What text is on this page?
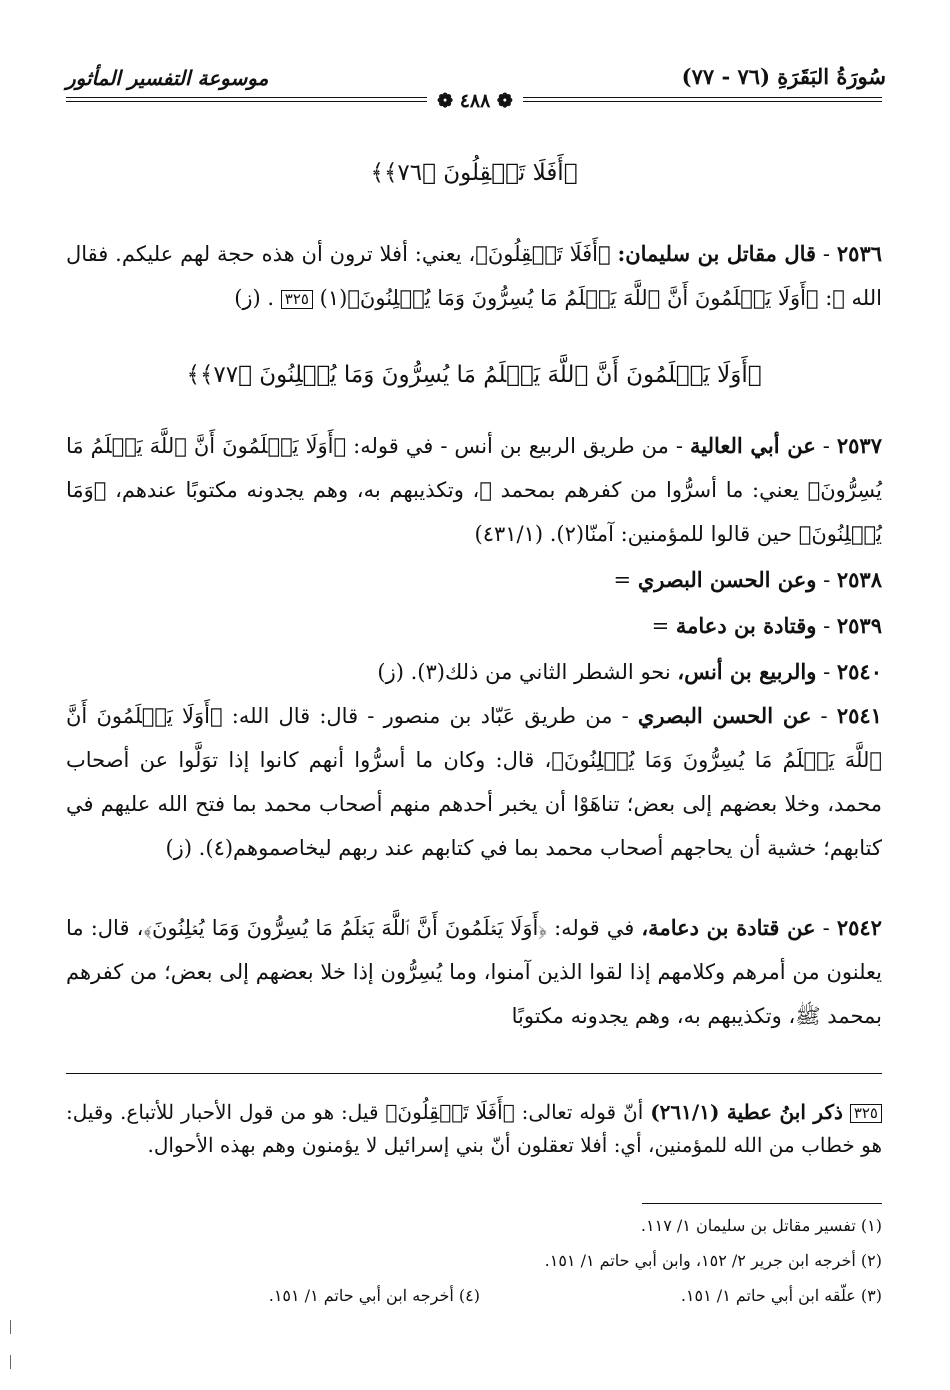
سُورَةُ البَقَرَةِ (٧٦ - ٧٧)
موسوعة التفسير المأثور
❁ ٤٨٨ ❁
﴿أَفَلَا تَعۡقِلُونَ ﴿٧٦﴾﴾
٢٥٣٦ - قال مقاتل بن سليمان: ﴿أَفَلَا تَعۡقِلُونَ﴾، يعني: أفلا ترون أن هذه حجة لهم عليكم. فقال الله ﷻ: ﴿أَوَلَا يَعۡلَمُونَ أَنَّ ٱللَّهَ يَعۡلَمُ مَا يُسِرُّونَ وَمَا يُعۡلِنُونَ﴾(١) ٣٢٥ . (ز)
﴿أَوَلَا يَعۡلَمُونَ أَنَّ ٱللَّهَ يَعۡلَمُ مَا يُسِرُّونَ وَمَا يُعۡلِنُونَ ﴿٧٧﴾﴾
٢٥٣٧ - عن أبي العالية - من طريق الربيع بن أنس - في قوله: ﴿أَوَلَا يَعۡلَمُونَ أَنَّ ٱللَّهَ يَعۡلَمُ مَا يُسِرُّونَ﴾ يعني: ما أسرُّوا من كفرهم بمحمد ﷺ، وتكذيبهم به، وهم يجدونه مكتوبًا عندهم، ﴿وَمَا يُعۡلِنُونَ﴾ حين قالوا للمؤمنين: آمنّا(٢). (٤٣١/١)
٢٥٣٨ - وعن الحسن البصري =
٢٥٣٩ - وقتادة بن دعامة =
٢٥٤٠ - والربيع بن أنس، نحو الشطر الثاني من ذلك(٣). (ز)
٢٥٤١ - عن الحسن البصري - من طريق عَبّاد بن منصور - قال: قال الله: ﴿أَوَلَا يَعۡلَمُونَ أَنَّ ٱللَّهَ يَعۡلَمُ مَا يُسِرُّونَ وَمَا يُعۡلِنُونَ﴾، قال: وكان ما أسرُّوا أنهم كانوا إذا توَلَّوا عن أصحاب محمد، وخلا بعضهم إلى بعض؛ تناهَوْا أن يخبر أحدهم منهم أصحاب محمد بما فتح الله عليهم في كتابهم؛ خشية أن يحاجهم أصحاب محمد بما في كتابهم عند ربهم ليخاصموهم(٤). (ز)
٢٥٤٢ - عن قتادة بن دعامة، في قوله: ﴿أَوَلَا يَعۡلَمُونَ أَنَّ ٱللَّهَ يَعۡلَمُ مَا يُسِرُّونَ وَمَا يُعۡلِنُونَ﴾، قال: ما يعلنون من أمرهم وكلامهم إذا لقوا الذين آمنوا، وما يُسِرُّون إذا خلا بعضهم إلى بعض؛ من كفرهم بمحمد ﷺ، وتكذيبهم به، وهم يجدونه مكتوبًا
٣٢٥ ذكر ابنُ عطية (٢٦١/١) أنّ قوله تعالى: ﴿أَفَلَا تَعۡقِلُونَ﴾ قيل: هو من قول الأحبار للأتباع. وقيل: هو خطاب من الله للمؤمنين، أي: أفلا تعقلون أنّ بني إسرائيل لا يؤمنون وهم بهذه الأحوال.
(١) تفسير مقاتل بن سليمان ١/ ١١٧.
(٢) أخرجه ابن جرير ٢/ ١٥٢، وابن أبي حاتم ١/ ١٥١.
(٣) علّقه ابن أبي حاتم ١/ ١٥١.
(٤) أخرجه ابن أبي حاتم ١/ ١٥١.
